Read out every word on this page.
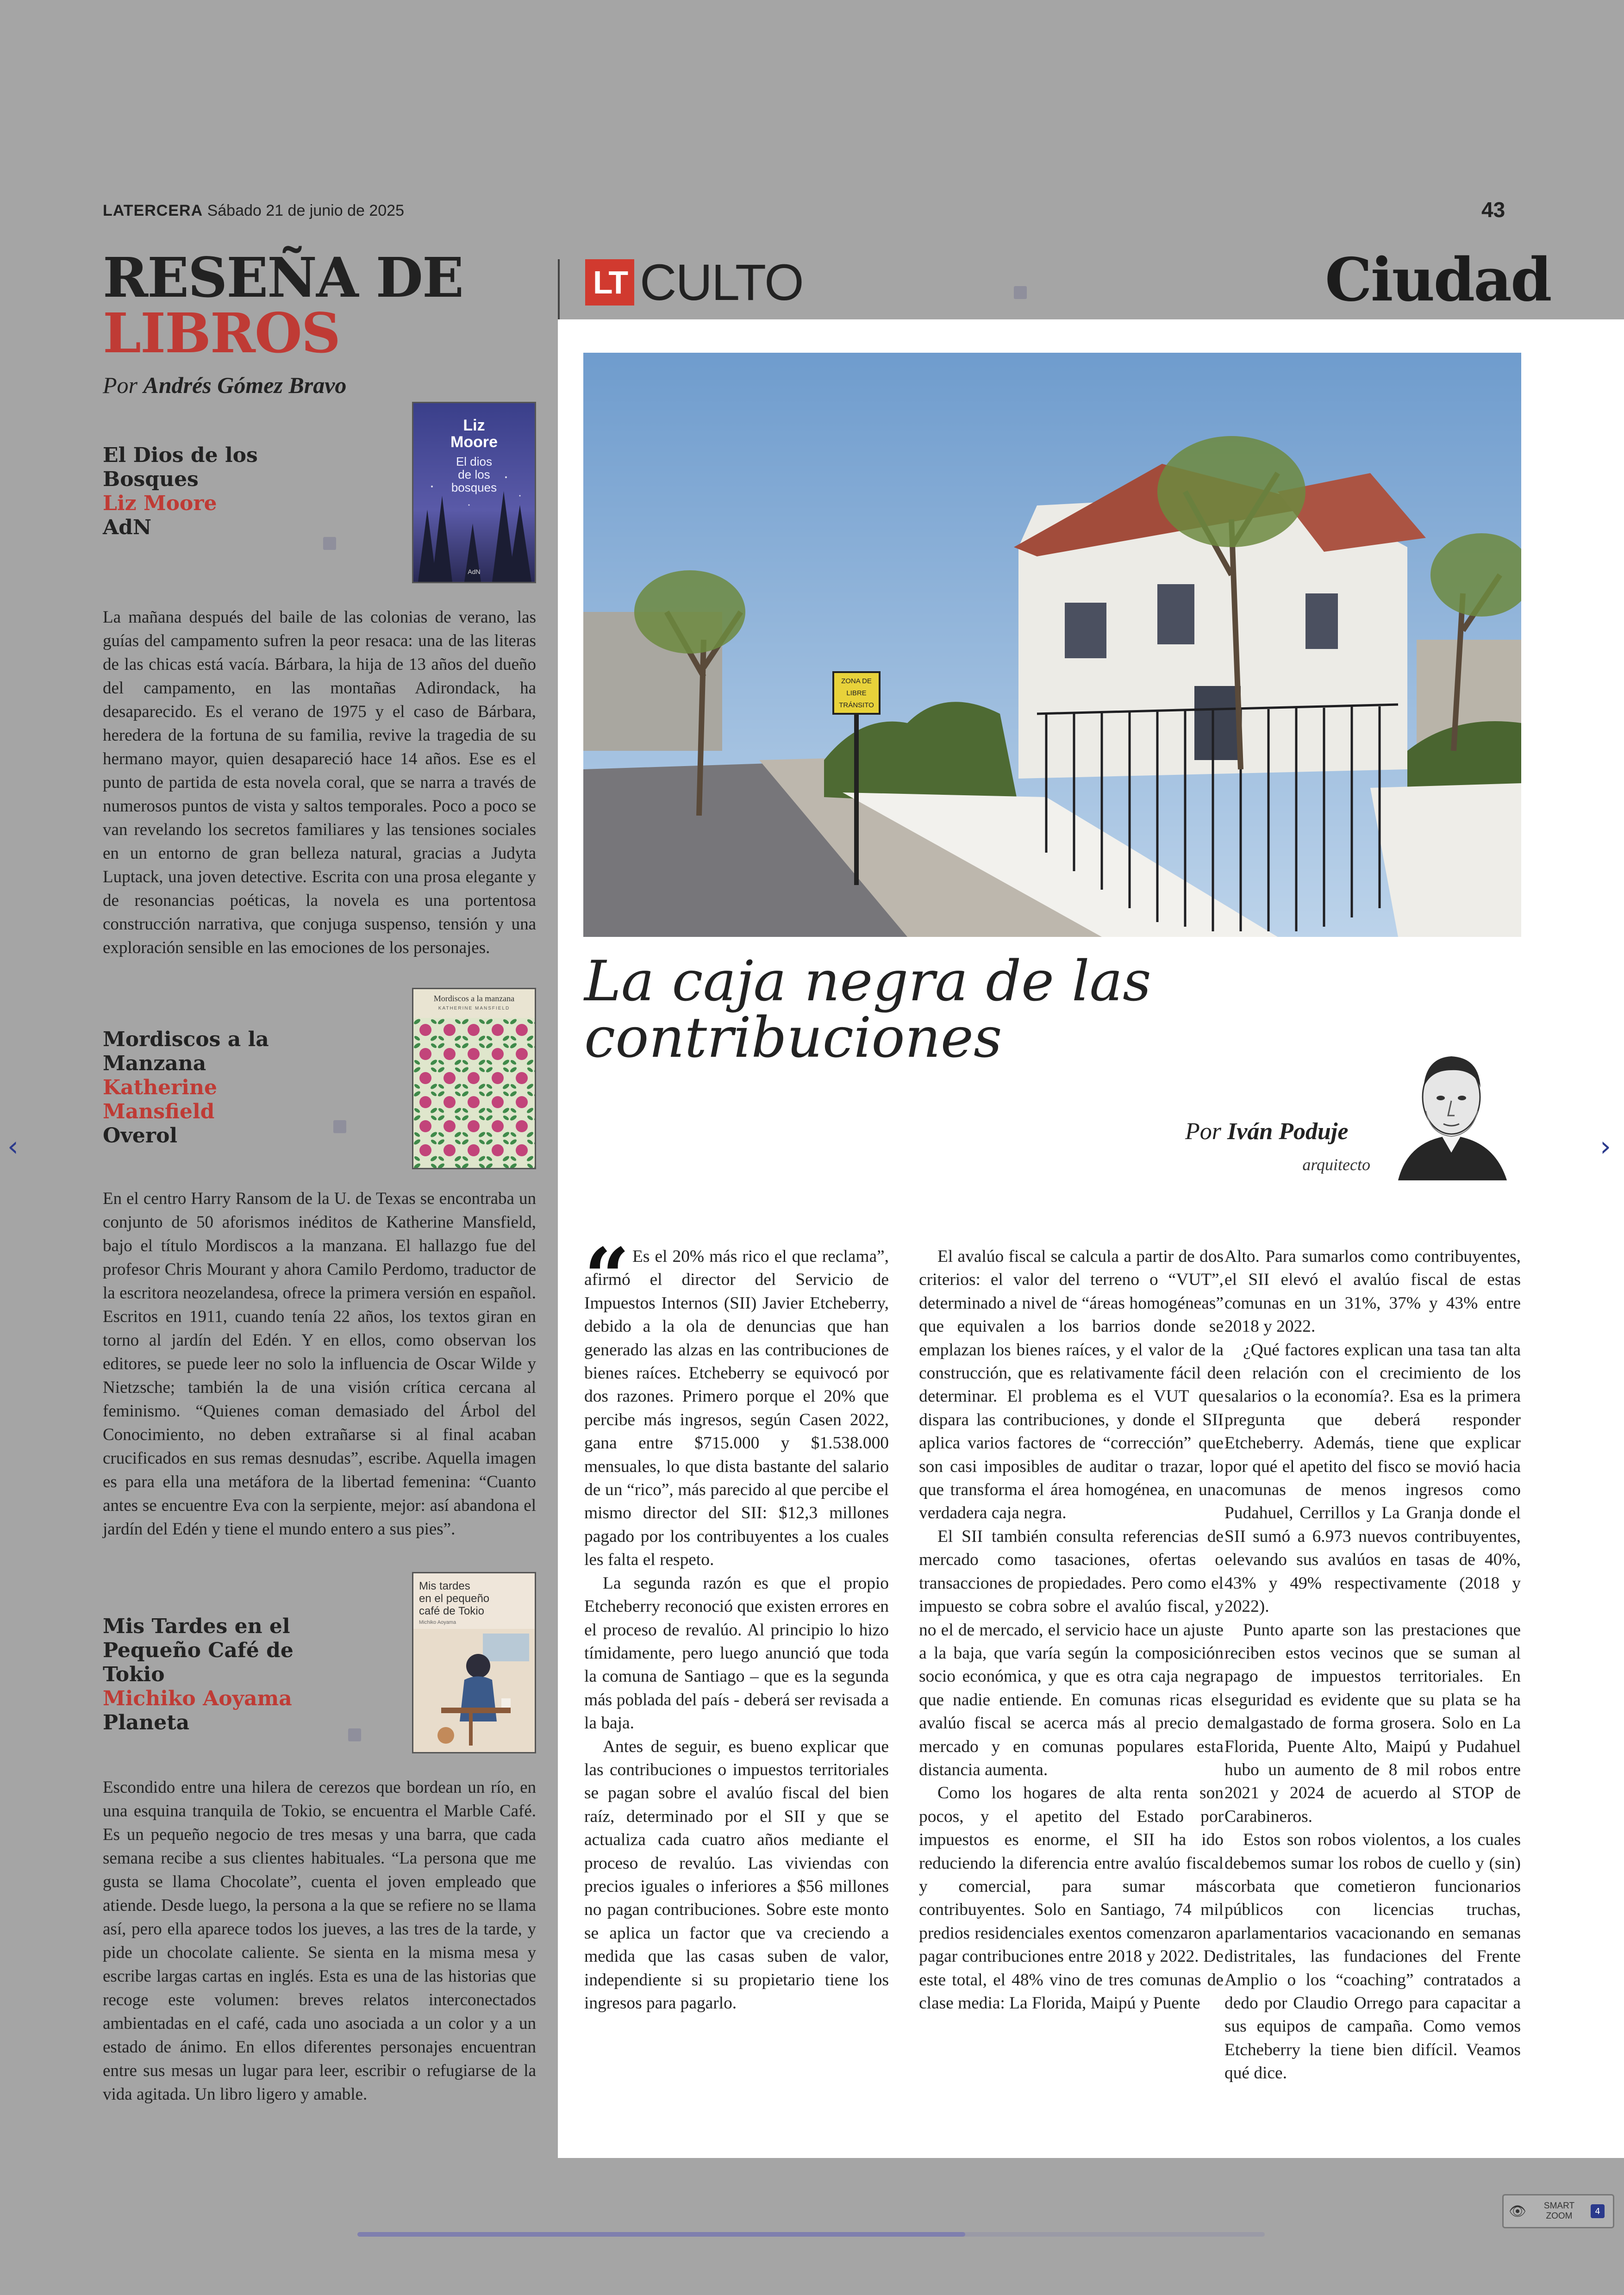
LATERCERA Sábado 21 de junio de 2025	43
RESEÑA DE
LIBROS
Por Andrés Gómez Bravo
El Dios de los
Bosques
Liz Moore
AdN
Liz
Moore
El dios
de los
bosques
AdN
La mañana después del baile de las colonias de verano, las guías del campamento sufren la peor resaca: una de las literas de las chicas está vacía. Bárbara, la hija de 13 años del dueño del campamento, en las montañas Adirondack, ha desaparecido. Es el verano de 1975 y el caso de Bárbara, heredera de la fortuna de su familia, revive la tragedia de su hermano mayor, quien desapareció hace 14 años. Ese es el punto de partida de esta novela coral, que se narra a través de numerosos puntos de vista y saltos temporales. Poco a poco se van revelando los secretos familiares y las tensiones sociales en un entorno de gran belleza natural, gracias a Judyta Luptack, una joven detective. Escrita con una prosa elegante y de resonancias poéticas, la novela es una portentosa construcción narrativa, que conjuga suspenso, tensión y una exploración sensible en las emociones de los personajes.
Mordiscos a la
Manzana
Katherine
Mansfield
Overol
Mordiscos a la manzana
KATHERINE MANSFIELD
En el centro Harry Ransom de la U. de Texas se encontraba un conjunto de 50 aforismos inéditos de Katherine Mansfield, bajo el título Mordiscos a la manzana. El hallazgo fue del profesor Chris Mourant y ahora Camilo Perdomo, traductor de la escritora neozelandesa, ofrece la primera versión en español. Escritos en 1911, cuando tenía 22 años, los textos giran en torno al jardín del Edén. Y en ellos, como observan los editores, se puede leer no solo la influencia de Oscar Wilde y Nietzsche; también la de una visión crítica cercana al feminismo. “Quienes coman demasiado del Árbol del Conocimiento, no deben extrañarse si al final acaban crucificados en sus remas desnudas”, escribe. Aquella imagen es para ella una metáfora de la libertad femenina: “Cuanto antes se encuentre Eva con la serpiente, mejor: así abandona el jardín del Edén y tiene el mundo entero a sus pies”.
Mis Tardes en el
Pequeño Café de
Tokio
Michiko Aoyama
Planeta
Mis tardes
en el pequeño
café de Tokio
Michiko Aoyama
Escondido entre una hilera de cerezos que bordean un río, en una esquina tranquila de Tokio, se encuentra el Marble Café. Es un pequeño negocio de tres mesas y una barra, que cada semana recibe a sus clientes habituales. “La persona que me gusta se llama Chocolate”, cuenta el joven empleado que atiende. Desde luego, la persona a la que se refiere no se llama así, pero ella aparece todos los jueves, a las tres de la tarde, y pide un chocolate caliente. Se sienta en la misma mesa y escribe largas cartas en inglés. Esta es una de las historias que recoge este volumen: breves relatos interconectados ambientadas en el café, cada uno asociada a un color y a un estado de ánimo. En ellos diferentes personajes encuentran entre sus mesas un lugar para leer, escribir o refugiarse de la vida agitada. Un libro ligero y amable.
LT CULTO	Ciudad
ZONA DE
LIBRE
TRÁNSITO
La caja negra de las contribuciones
Por Iván Poduje
arquitecto
“ Es el 20% más rico el que reclama”, afirmó el director del Servicio de Impuestos Internos (SII) Javier Etcheberry, debido a la ola de denuncias que han generado las alzas en las contribuciones de bienes raíces. Etcheberry se equivocó por dos razones. Primero porque el 20% que percibe más ingresos, según Casen 2022, gana entre $715.000 y $1.538.000 mensuales, lo que dista bastante del salario de un “rico”, más parecido al que percibe el mismo director del SII: $12,3 millones pagado por los contribuyentes a los cuales les falta el respeto.

La segunda razón es que el propio Etcheberry reconoció que existen errores en el proceso de revalúo. Al principio lo hizo tímidamente, pero luego anunció que toda la comuna de Santiago – que es la segunda más poblada del país - deberá ser revisada a la baja.

Antes de seguir, es bueno explicar que las contribuciones o impuestos territoriales se pagan sobre el avalúo fiscal del bien raíz, determinado por el SII y que se actualiza cada cuatro años mediante el proceso de revalúo. Las viviendas con precios iguales o inferiores a $56 millones no pagan contribuciones. Sobre este monto se aplica un factor que va creciendo a medida que las casas suben de valor, independiente si su propietario tiene los ingresos para pagarlo.

El avalúo fiscal se calcula a partir de dos criterios: el valor del terreno o “VUT”, determinado a nivel de “áreas homogéneas” que equivalen a los barrios donde se emplazan los bienes raíces, y el valor de la construcción, que es relativamente fácil de determinar. El problema es el VUT que dispara las contribuciones, y donde el SII aplica varios factores de “corrección” que son casi imposibles de auditar o trazar, lo que transforma el área homogénea, en una verdadera caja negra.

El SII también consulta referencias de mercado como tasaciones, ofertas o transacciones de propiedades. Pero como el impuesto se cobra sobre el avalúo fiscal, y no el de mercado, el servicio hace un ajuste a la baja, que varía según la composición socio económica, y que es otra caja negra que nadie entiende. En comunas ricas el avalúo fiscal se acerca más al precio de mercado y en comunas populares esta distancia aumenta.

Como los hogares de alta renta son pocos, y el apetito del Estado por impuestos es enorme, el SII ha ido reduciendo la diferencia entre avalúo fiscal y comercial, para sumar más contribuyentes. Solo en Santiago, 74 mil predios residenciales exentos comenzaron a pagar contribuciones entre 2018 y 2022. De este total, el 48% vino de tres comunas de clase media: La Florida, Maipú y Puente

Alto. Para sumarlos como contribuyentes, el SII elevó el avalúo fiscal de estas comunas en un 31%, 37% y 43% entre 2018 y 2022.

¿Qué factores explican una tasa tan alta en relación con el crecimiento de los salarios o la economía?. Esa es la primera pregunta que deberá responder Etcheberry. Además, tiene que explicar por qué el apetito del fisco se movió hacia comunas de menos ingresos como Pudahuel, Cerrillos y La Granja donde el SII sumó a 6.973 nuevos contribuyentes, elevando sus avalúos en tasas de 40%, 43% y 49% respectivamente (2018 y 2022).

Punto aparte son las prestaciones que reciben estos vecinos que se suman al pago de impuestos territoriales. En seguridad es evidente que su plata se ha malgastado de forma grosera. Solo en La Florida, Puente Alto, Maipú y Pudahuel hubo un aumento de 8 mil robos entre 2021 y 2024 de acuerdo al STOP de Carabineros.

Estos son robos violentos, a los cuales debemos sumar los robos de cuello y (sin) corbata que cometieron funcionarios públicos con licencias truchas, parlamentarios vacacionando en semanas distritales, las fundaciones del Frente Amplio o los “coaching” contratados a dedo por Claudio Orrego para capacitar a sus equipos de campaña. Como vemos Etcheberry la tiene bien difícil. Veamos qué dice.

‹	›
👁	SMART
ZOOM	4
